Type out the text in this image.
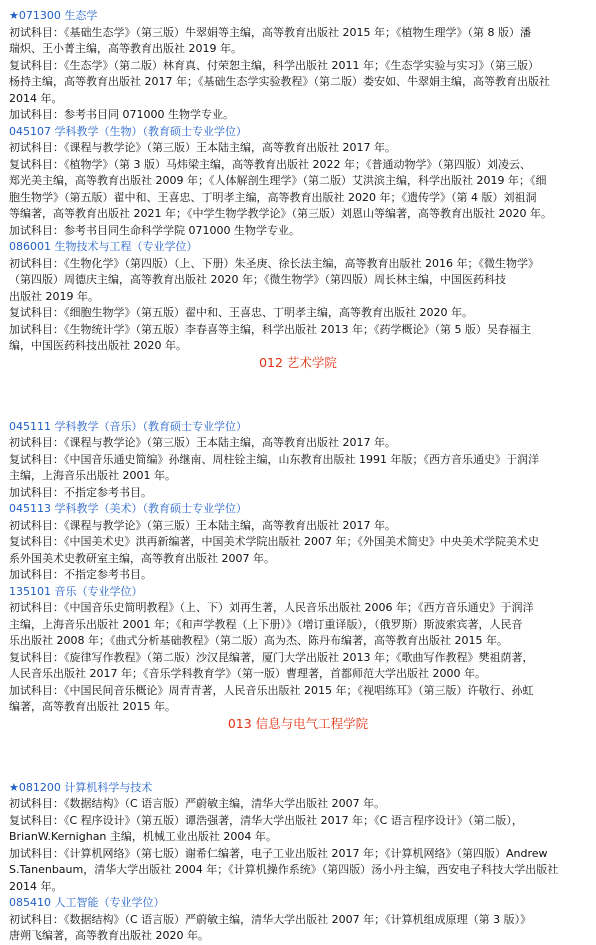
★071300 生态学
初试科目：《基础生态学》（第三版）牛翠娟等主编，高等教育出版社 2015 年；《植物生理学》（第 8 版）潘
瑞炽、王小菁主编，高等教育出版社 2019 年。
复试科目：《生态学》（第二版）林育真、付荣恕主编，科学出版社 2011 年；《生态学实验与实习》（第三版）
杨持主编，高等教育出版社 2017 年；《基础生态学实验教程》（第二版）娄安如、牛翠娟主编，高等教育出版社
2014 年。
加试科目：参考书目同 071000 生物学专业。
045107 学科教学（生物）（教育硕士专业学位）
初试科目：《课程与教学论》（第三版）王本陆主编，高等教育出版社 2017 年。
复试科目：《植物学》（第 3 版）马炜梁主编，高等教育出版社 2022 年；《普通动物学》（第四版）刘凌云、
郑光美主编，高等教育出版社 2009 年；《人体解剖生理学》（第二版）艾洪滨主编，科学出版社 2019 年；《细
胞生物学》（第五版）翟中和、王喜忠、丁明孝主编，高等教育出版社 2020 年；《遗传学》（第 4 版）刘祖洞
等编著，高等教育出版社 2021 年；《中学生物学教学论》（第三版）刘恩山等编著，高等教育出版社 2020 年。
加试科目：参考书目同生命科学学院 071000 生物学专业。
086001 生物技术与工程（专业学位）
初试科目：《生物化学》（第四版）（上、下册）朱圣庚、徐长法主编，高等教育出版社 2016 年；《微生物学》
（第四版）周德庆主编，高等教育出版社 2020 年；《微生物学》（第四版）周长林主编，中国医药科技
出版社 2019 年。
复试科目：《细胞生物学》（第五版）翟中和、王喜忠、丁明孝主编，高等教育出版社 2020 年。
加试科目：《生物统计学》（第五版）李春喜等主编，科学出版社 2013 年；《药学概论》（第 5 版）吴春福主
编，中国医药科技出版社 2020 年。
012 艺术学院
045111 学科教学（音乐）（教育硕士专业学位）
初试科目：《课程与教学论》（第三版）王本陆主编，高等教育出版社 2017 年。
复试科目：《中国音乐通史简编》孙继南、周柱铨主编，山东教育出版社 1991 年版；《西方音乐通史》于润洋
主编，上海音乐出版社 2001 年。
加试科目：不指定参考书目。
045113 学科教学（美术）（教育硕士专业学位）
初试科目：《课程与教学论》（第三版）王本陆主编，高等教育出版社 2017 年。
复试科目：《中国美术史》洪再新编著，中国美术学院出版社 2007 年；《外国美术简史》中央美术学院美术史
系外国美术史教研室主编，高等教育出版社 2007 年。
加试科目：不指定参考书目。
135101 音乐（专业学位）
初试科目：《中国音乐史简明教程》（上、下）刘再生著，人民音乐出版社 2006 年；《西方音乐通史》于润洋
主编，上海音乐出版社 2001 年；《和声学教程（上下册）》（增订重译版），（俄罗斯）斯波索宾著，人民音
乐出版社 2008 年；《曲式分析基础教程》（第二版）高为杰、陈丹布编著，高等教育出版社 2015 年。
复试科目：《旋律写作教程》（第二版）沙汉昆编著，厦门大学出版社 2013 年；《歌曲写作教程》樊祖荫著，
人民音乐出版社 2017 年；《音乐学科教育学》（第一版）曹理著，首都师范大学出版社 2000 年。
加试科目：《中国民间音乐概论》周青青著，人民音乐出版社 2015 年；《视唱练耳》（第三版）许敬行、孙虹
编著，高等教育出版社 2015 年。
013 信息与电气工程学院
★081200 计算机科学与技术
初试科目：《数据结构》（C 语言版）严蔚敏主编，清华大学出版社 2007 年。
复试科目：《C 程序设计》（第五版）谭浩强著，清华大学出版社 2017 年；《C 语言程序设计》（第二版），
BrianW.Kernighan 主编，机械工业出版社 2004 年。
加试科目：《计算机网络》（第七版）谢希仁编著，电子工业出版社 2017 年；《计算机网络》（第四版）Andrew
S.Tanenbaum，清华大学出版社 2004 年；《计算机操作系统》（第四版）汤小丹主编，西安电子科技大学出版社
2014 年。
085410 人工智能（专业学位）
初试科目：《数据结构》（C 语言版）严蔚敏主编，清华大学出版社 2007 年；《计算机组成原理（第 3 版）》
唐朔飞编著，高等教育出版社 2020 年。
